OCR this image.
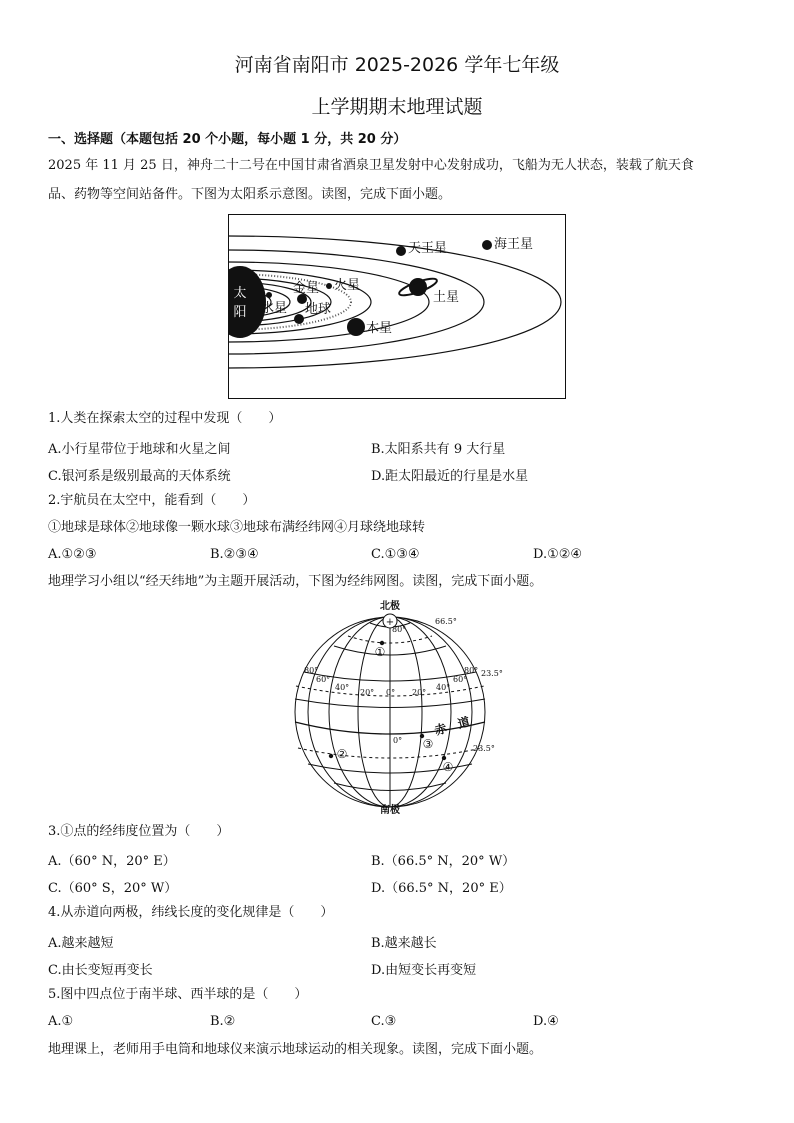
河南省南阳市 2025-2026 学年七年级
上学期期末地理试题
一、选择题（本题包括 20 个小题，每小题 1 分，共 20 分）
2025 年 11 月 25 日，神舟二十二号在中国甘肃省酒泉卫星发射中心发射成功，飞船为无人状态，装载了航天食
品、药物等空间站备件。下图为太阳系示意图。读图，完成下面小题。
太
阳 水星
金星
地球
火星
木星
土星
天王星	海王星
1.人类在探索太空的过程中发现（　　）
A.小行星带位于地球和火星之间	B.太阳系共有 9 大行星
C.银河系是级别最高的天体系统	D.距太阳最近的行星是水星
2.宇航员在太空中，能看到（　　）
①地球是球体②地球像一颗水球③地球布满经纬网④月球绕地球转
A.①②③	B.②③④	C.①③④	D.①②④
地理学习小组以“经天纬地”为主题开展活动，下图为经纬网图。读图，完成下面小题。
+
北极
南极
66.5°
80°
23.5°
23.5°
80°
60°
40°
20° 0° 20°
40°
60°
80°
0°
赤　道
①
②
③
④
3.①点的经纬度位置为（　　）
A.（60° N，20° E）	B.（66.5° N，20° W）
C.（60° S，20° W）	D.（66.5° N，20° E）
4.从赤道向两极，纬线长度的变化规律是（　　）
A.越来越短	B.越来越长
C.由长变短再变长	D.由短变长再变短
5.图中四点位于南半球、西半球的是（　　）
A.①	B.②	C.③	D.④
地理课上，老师用手电筒和地球仪来演示地球运动的相关现象。读图，完成下面小题。
